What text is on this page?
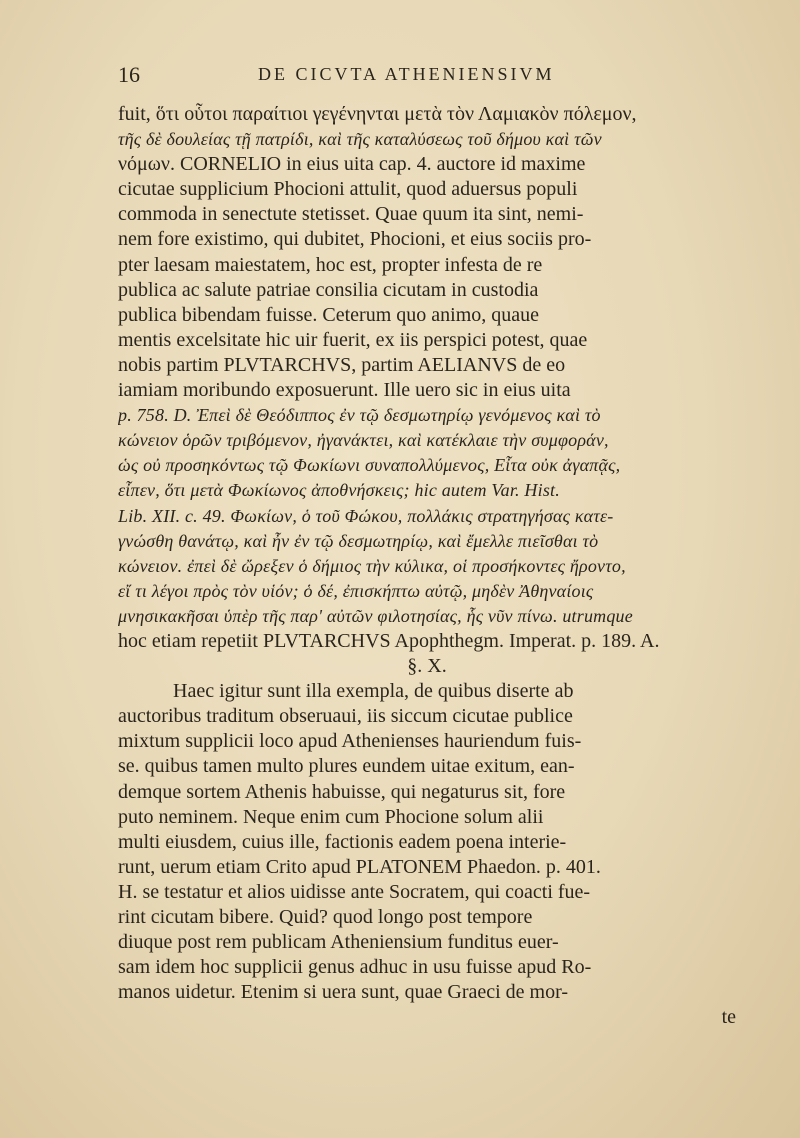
16	DE CICVTA ATHENIENSIVM
fuit, ὅτι οὗτοι παραίτιοι γεγένηνται μετὰ τὸν Λαμιακὸν πόλεμον,
τῆς δὲ δουλείας τῇ πατρίδι, καὶ τῆς καταλύσεως τοῦ δήμου καὶ τῶν
νόμων. CORNELIO in eius uita cap. 4. auctore id maxime
cicutae supplicium Phocioni attulit, quod aduersus populi
commoda in senectute stetisset. Quae quum ita sint, nemi-
nem fore existimo, qui dubitet, Phocioni, et eius sociis pro-
pter laesam maiestatem, hoc est, propter infesta de re
publica ac salute patriae consilia cicutam in custodia
publica bibendam fuisse. Ceterum quo animo, quaue
mentis excelsitate hic uir fuerit, ex iis perspici potest, quae
nobis partim PLVTARCHVS, partim AELIANVS de eo
iamiam moribundo exposuerunt. Ille uero sic in eius uita
p. 758. D. Ἐπεὶ δὲ Θεόδιππος ἐν τῷ δεσμωτηρίῳ γενόμενος καὶ τὸ
κώνειον ὁρῶν τριβόμενον, ἠγανάκτει, καὶ κατέκλαιε τὴν συμφοράν,
ὡς οὐ προσηκόντως τῷ Φωκίωνι συναπολλύμενος, Εἶτα οὐκ ἀγαπᾷς,
εἶπεν, ὅτι μετὰ Φωκίωνος ἀποθνήσκεις; hic autem Var. Hist.
Lib. XII. c. 49. Φωκίων, ὁ τοῦ Φώκου, πολλάκις στρατηγήσας κατε-
γνώσθη θανάτῳ, καὶ ἦν ἐν τῷ δεσμωτηρίῳ, καὶ ἔμελλε πιεῖσθαι τὸ
κώνειον. ἐπεὶ δὲ ὤρεξεν ὁ δήμιος τὴν κύλικα, οἱ προσήκοντες ἤροντο,
εἴ τι λέγοι πρὸς τὸν υἱόν; ὁ δέ, ἐπισκήπτω αὐτῷ, μηδὲν Ἀθηναίοις
μνησικακῆσαι ὑπὲρ τῆς παρ' αὐτῶν φιλοτησίας, ἧς νῦν πίνω. utrumque
hoc etiam repetiit PLVTARCHVS Apophthegm. Imperat. p. 189. A.
§. X.
Haec igitur sunt illa exempla, de quibus diserte ab
auctoribus traditum obseruaui, iis siccum cicutae publice
mixtum supplicii loco apud Athenienses hauriendum fuis-
se. quibus tamen multo plures eundem uitae exitum, ean-
demque sortem Athenis habuisse, qui negaturus sit, fore
puto neminem. Neque enim cum Phocione solum alii
multi eiusdem, cuius ille, factionis eadem poena interie-
runt, uerum etiam Crito apud PLATONEM Phaedon. p. 401.
H. se testatur et alios uidisse ante Socratem, qui coacti fue-
rint cicutam bibere. Quid? quod longo post tempore
diuque post rem publicam Atheniensium funditus euer-
sam idem hoc supplicii genus adhuc in usu fuisse apud Ro-
manos uidetur. Etenim si uera sunt, quae Graeci de mor-
te
